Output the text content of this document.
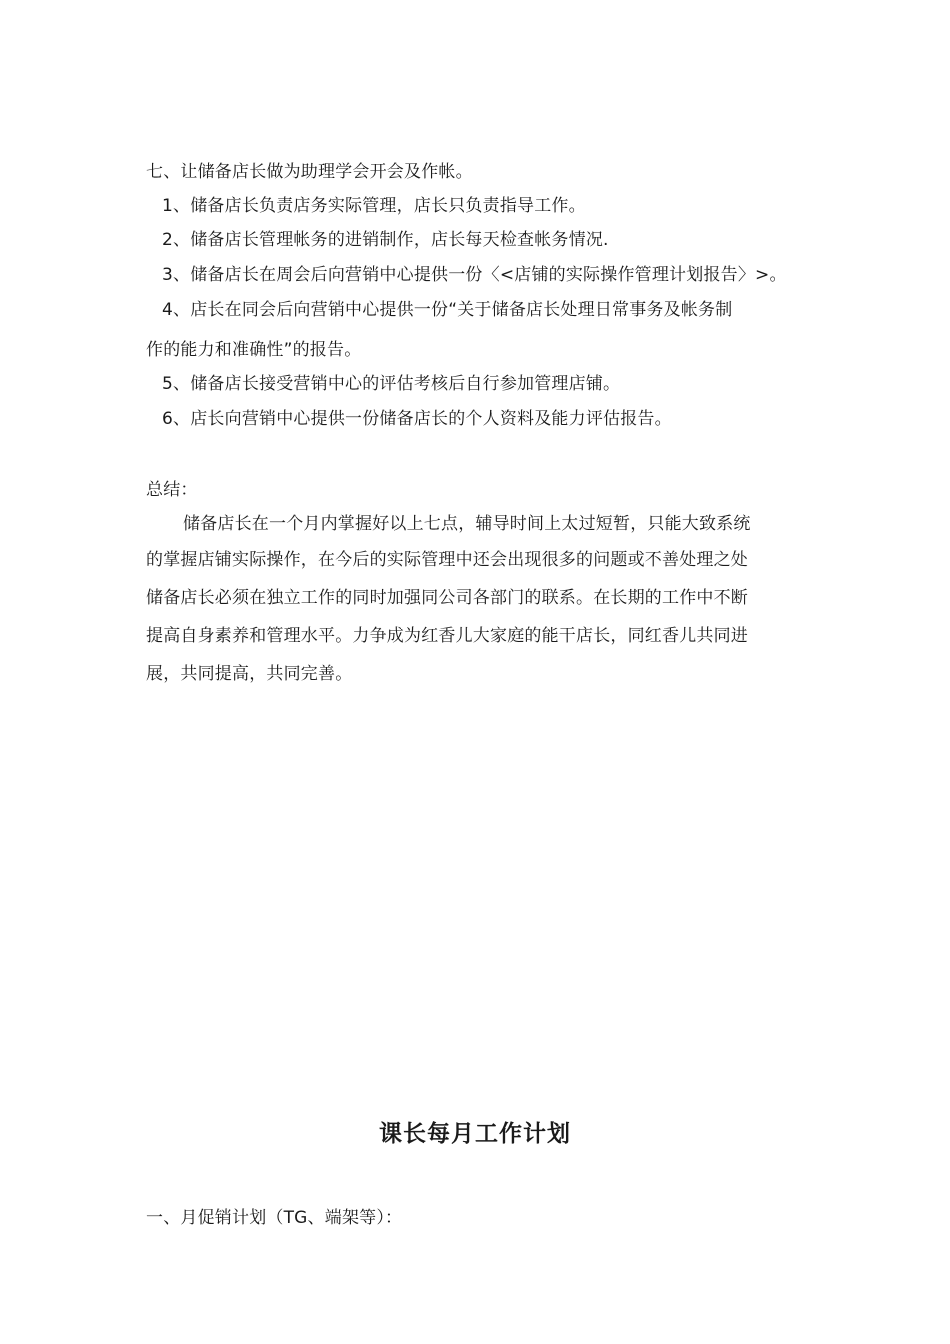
七、让储备店长做为助理学会开会及作帐。
1、储备店长负责店务实际管理，店长只负责指导工作。
2、储备店长管理帐务的进销制作，店长每天检查帐务情况.
3、储备店长在周会后向营销中心提供一份〈<店铺的实际操作管理计划报告〉>。
4、店长在同会后向营销中心提供一份“关于储备店长处理日常事务及帐务制
作的能力和准确性”的报告。
5、储备店长接受营销中心的评估考核后自行参加管理店铺。
6、店长向营销中心提供一份储备店长的个人资料及能力评估报告。
总结：
储备店长在一个月内掌握好以上七点，辅导时间上太过短暂，只能大致系统
的掌握店铺实际操作，在今后的实际管理中还会出现很多的问题或不善处理之处
储备店长必须在独立工作的同时加强同公司各部门的联系。在长期的工作中不断
提高自身素养和管理水平。力争成为红香儿大家庭的能干店长，同红香儿共同进
展，共同提高，共同完善。
课长每月工作计划
一、月促销计划（TG、端架等）：
